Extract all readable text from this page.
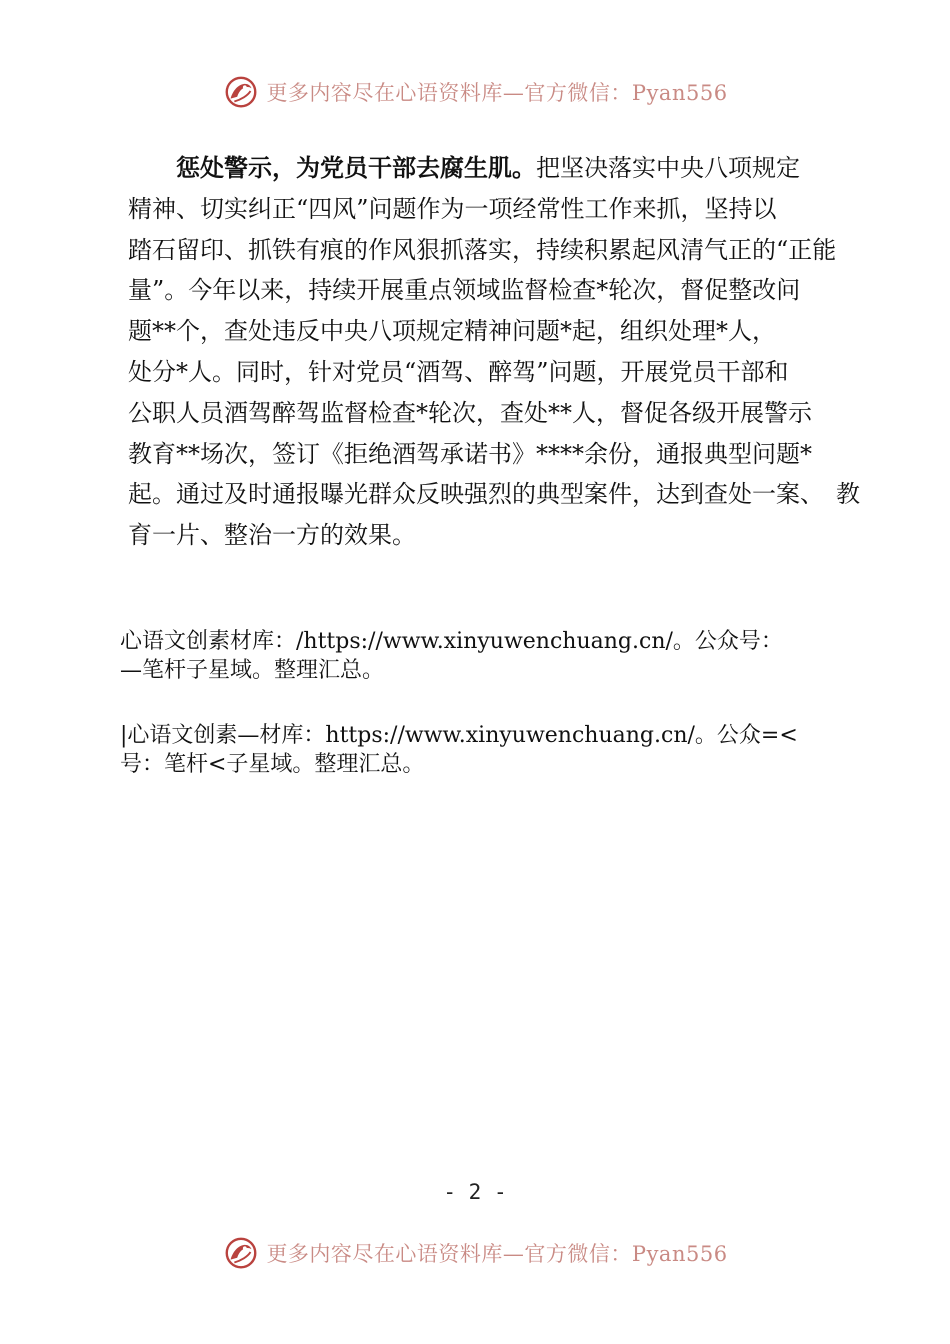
更多内容尽在心语资料库—官方微信：Pyan556
惩处警示，为党员干部去腐生肌。把坚决落实中央八项规定
精神、切实纠正“四风”问题作为一项经常性工作来抓，坚持以
踏石留印、抓铁有痕的作风狠抓落实，持续积累起风清气正的“正能
量”。今年以来，持续开展重点领域监督检查*轮次，督促整改问
题**个，查处违反中央八项规定精神问题*起，组织处理*人，
处分*人。同时，针对党员“酒驾、醉驾”问题，开展党员干部和
公职人员酒驾醉驾监督检查*轮次，查处**人，督促各级开展警示
教育**场次，签订《拒绝酒驾承诺书》****余份，通报典型问题*
起。通过及时通报曝光群众反映强烈的典型案件，达到查处一案、　教
育一片、整治一方的效果。
心语文创素材库：/https://www.xinyuwenchuang.cn/。公众号：
—笔杆子星域。整理汇总。
|心语文创素—材库：https://www.xinyuwenchuang.cn/。公众=<
号：笔杆<子星域。整理汇总。
- 2 -
更多内容尽在心语资料库—官方微信：Pyan556
